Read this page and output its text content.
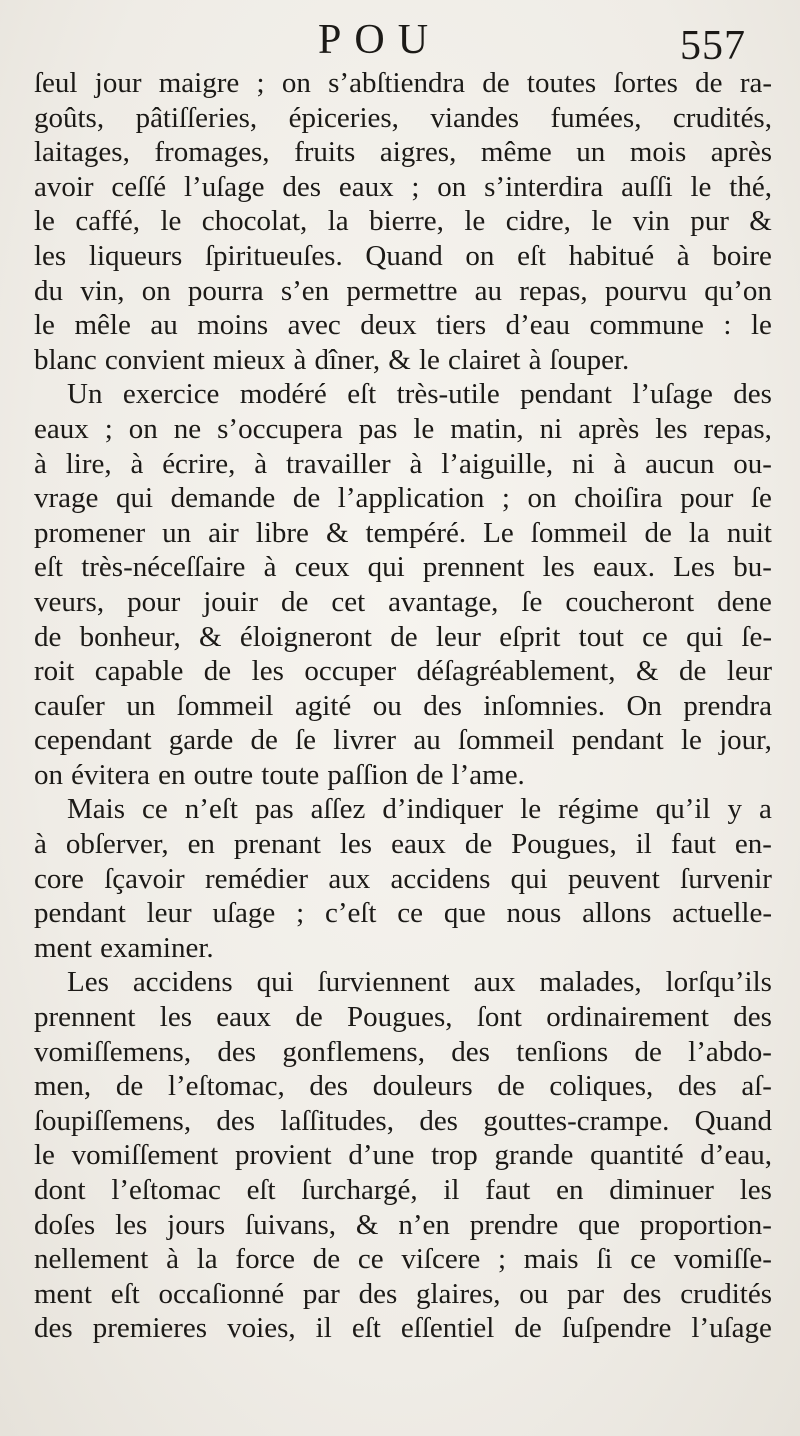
POU	557
ſeul jour maigre ; on s’abſtiendra de toutes ſortes de ra-
goûts, pâtiſſeries, épiceries, viandes fumées, crudités,
laitages, fromages, fruits aigres, même un mois après
avoir ceſſé l’uſage des eaux ; on s’interdira auſſi le thé,
le caffé, le chocolat, la bierre, le cidre, le vin pur &
les liqueurs ſpiritueuſes. Quand on eſt habitué à boire
du vin, on pourra s’en permettre au repas, pourvu qu’on
le mêle au moins avec deux tiers d’eau commune : le
blanc convient mieux à dîner, & le clairet à ſouper.
Un exercice modéré eſt très-utile pendant l’uſage des
eaux ; on ne s’occupera pas le matin, ni après les repas,
à lire, à écrire, à travailler à l’aiguille, ni à aucun ou-
vrage qui demande de l’application ; on choiſira pour ſe
promener un air libre & tempéré. Le ſommeil de la nuit
eſt très-néceſſaire à ceux qui prennent les eaux. Les bu-
veurs, pour jouir de cet avantage, ſe coucheront dene
de bonheur, & éloigneront de leur eſprit tout ce qui ſe-
roit capable de les occuper déſagréablement, & de leur
cauſer un ſommeil agité ou des inſomnies. On prendra
cependant garde de ſe livrer au ſommeil pendant le jour,
on évitera en outre toute paſſion de l’ame.
Mais ce n’eſt pas aſſez d’indiquer le régime qu’il y a
à obſerver, en prenant les eaux de Pougues, il faut en-
core ſçavoir remédier aux accidens qui peuvent ſurvenir
pendant leur uſage ; c’eſt ce que nous allons actuelle-
ment examiner.
Les accidens qui ſurviennent aux malades, lorſqu’ils
prennent les eaux de Pougues, ſont ordinairement des
vomiſſemens, des gonflemens, des tenſions de l’abdo-
men, de l’eſtomac, des douleurs de coliques, des aſ-
ſoupiſſemens, des laſſitudes, des gouttes-crampe. Quand
le vomiſſement provient d’une trop grande quantité d’eau,
dont l’eſtomac eſt ſurchargé, il faut en diminuer les
doſes les jours ſuivans, & n’en prendre que proportion-
nellement à la force de ce viſcere ; mais ſi ce vomiſſe-
ment eſt occaſionné par des glaires, ou par des crudités
des premieres voies, il eſt eſſentiel de ſuſpendre l’uſage
